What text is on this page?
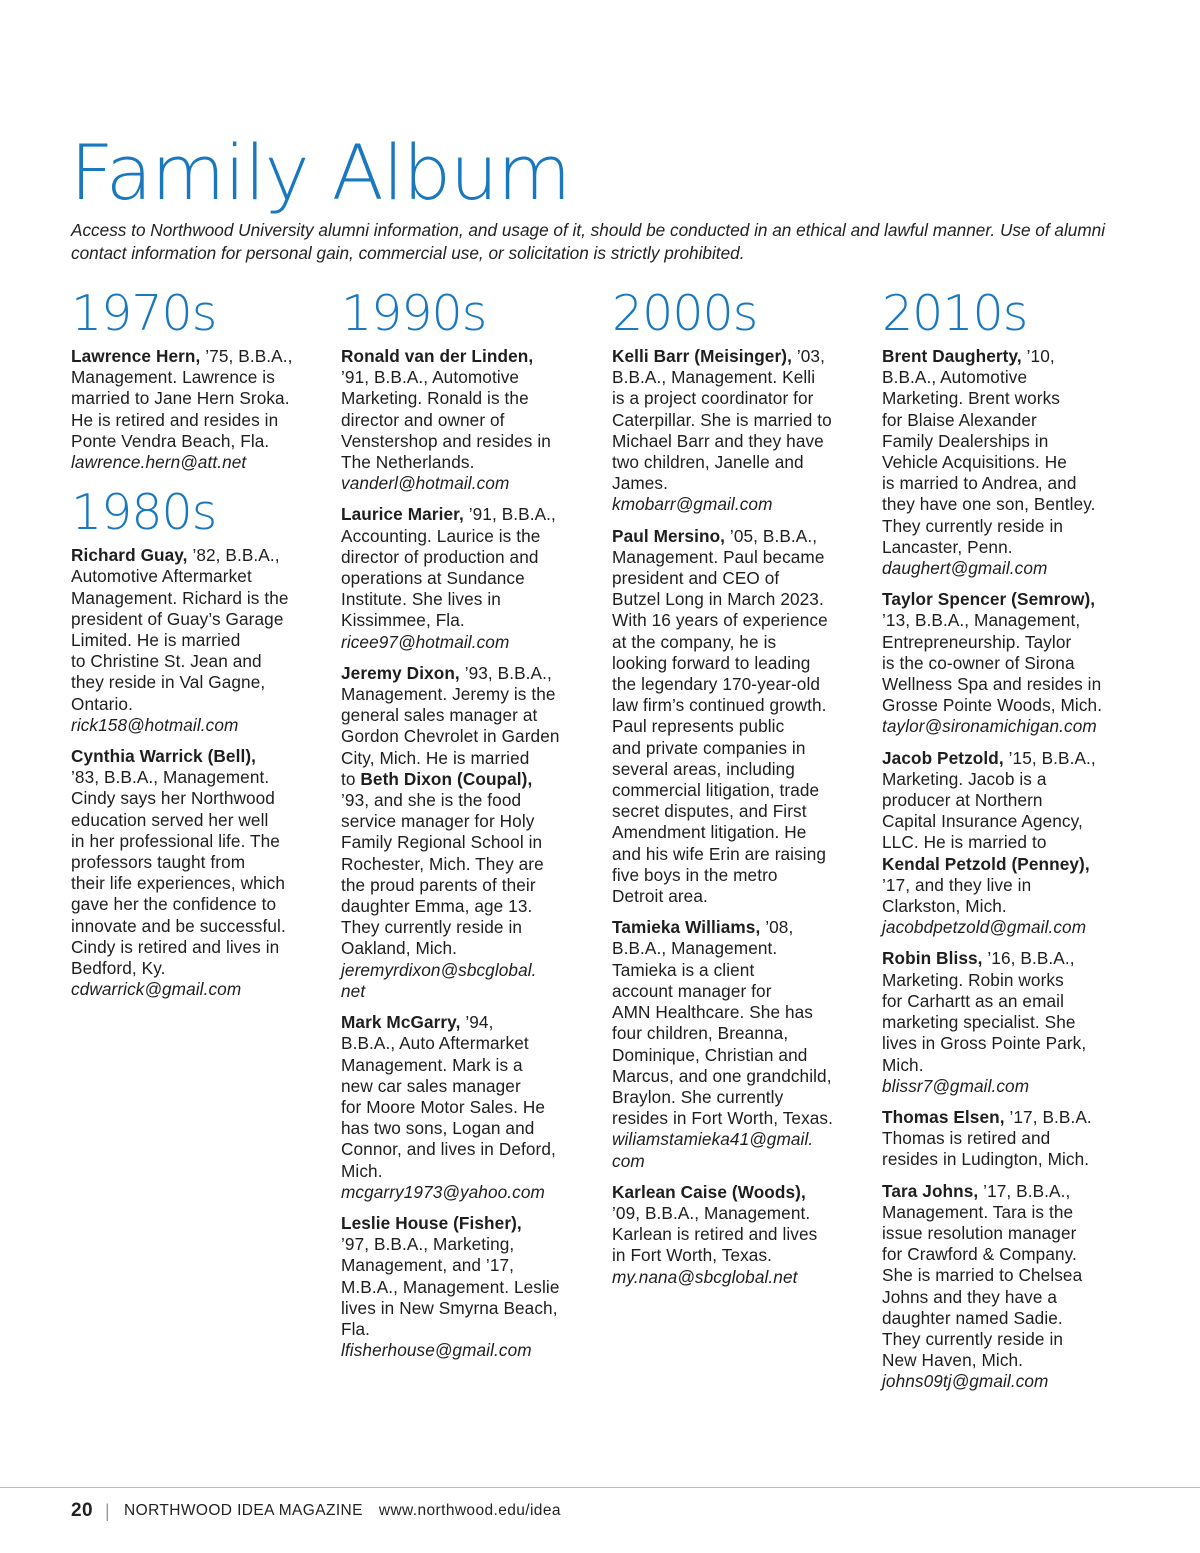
Family Album

Access to Northwood University alumni information, and usage of it, should be conducted in an ethical and lawful manner. Use of alumni contact information for personal gain, commercial use, or solicitation is strictly prohibited.

1970s

Lawrence Hern, ’75, B.B.A.,
Management. Lawrence is
married to Jane Hern Sroka.
He is retired and resides in
Ponte Vendra Beach, Fla.
lawrence.hern@att.net

1980s

Richard Guay, ’82, B.B.A.,
Automotive Aftermarket
Management. Richard is the
president of Guay’s Garage
Limited. He is married
to Christine St. Jean and
they reside in Val Gagne,
Ontario.
rick158@hotmail.com

Cynthia Warrick (Bell),
’83, B.B.A., Management.
Cindy says her Northwood
education served her well
in her professional life. The
professors taught from
their life experiences, which
gave her the confidence to
innovate and be successful.
Cindy is retired and lives in
Bedford, Ky.
cdwarrick@gmail.com

1990s

Ronald van der Linden,
’91, B.B.A., Automotive
Marketing. Ronald is the
director and owner of
Venstershop and resides in
The Netherlands.
vanderl@hotmail.com

Laurice Marier, ’91, B.B.A.,
Accounting. Laurice is the
director of production and
operations at Sundance
Institute. She lives in
Kissimmee, Fla.
ricee97@hotmail.com

Jeremy Dixon, ’93, B.B.A.,
Management. Jeremy is the
general sales manager at
Gordon Chevrolet in Garden
City, Mich. He is married
to Beth Dixon (Coupal),
’93, and she is the food
service manager for Holy
Family Regional School in
Rochester, Mich. They are
the proud parents of their
daughter Emma, age 13.
They currently reside in
Oakland, Mich.
jeremyrdixon@sbcglobal.
net

Mark McGarry, ’94,
B.B.A., Auto Aftermarket
Management. Mark is a
new car sales manager
for Moore Motor Sales. He
has two sons, Logan and
Connor, and lives in Deford,
Mich.
mcgarry1973@yahoo.com

Leslie House (Fisher),
’97, B.B.A., Marketing,
Management, and ’17,
M.B.A., Management. Leslie
lives in New Smyrna Beach,
Fla.
lfisherhouse@gmail.com

2000s

Kelli Barr (Meisinger), ’03,
B.B.A., Management. Kelli
is a project coordinator for
Caterpillar. She is married to
Michael Barr and they have
two children, Janelle and
James.
kmobarr@gmail.com

Paul Mersino, ’05, B.B.A.,
Management. Paul became
president and CEO of
Butzel Long in March 2023.
With 16 years of experience
at the company, he is
looking forward to leading
the legendary 170-year-old
law firm’s continued growth.
Paul represents public
and private companies in
several areas, including
commercial litigation, trade
secret disputes, and First
Amendment litigation. He
and his wife Erin are raising
five boys in the metro
Detroit area.

Tamieka Williams, ’08,
B.B.A., Management.
Tamieka is a client
account manager for
AMN Healthcare. She has
four children, Breanna,
Dominique, Christian and
Marcus, and one grandchild,
Braylon. She currently
resides in Fort Worth, Texas.
wiliamstamieka41@gmail.
com

Karlean Caise (Woods),
’09, B.B.A., Management.
Karlean is retired and lives
in Fort Worth, Texas.
my.nana@sbcglobal.net

2010s

Brent Daugherty, ’10,
B.B.A., Automotive
Marketing. Brent works
for Blaise Alexander
Family Dealerships in
Vehicle Acquisitions. He
is married to Andrea, and
they have one son, Bentley.
They currently reside in
Lancaster, Penn.
daughert@gmail.com

Taylor Spencer (Semrow),
’13, B.B.A., Management,
Entrepreneurship. Taylor
is the co-owner of Sirona
Wellness Spa and resides in
Grosse Pointe Woods, Mich.
taylor@sironamichigan.com

Jacob Petzold, ’15, B.B.A.,
Marketing. Jacob is a
producer at Northern
Capital Insurance Agency,
LLC. He is married to
Kendal Petzold (Penney),
’17, and they live in
Clarkston, Mich.
jacobdpetzold@gmail.com

Robin Bliss, ’16, B.B.A.,
Marketing. Robin works
for Carhartt as an email
marketing specialist. She
lives in Gross Pointe Park,
Mich.
blissr7@gmail.com

Thomas Elsen, ’17, B.B.A.
Thomas is retired and
resides in Ludington, Mich.

Tara Johns, ’17, B.B.A.,
Management. Tara is the
issue resolution manager
for Crawford & Company.
She is married to Chelsea
Johns and they have a
daughter named Sadie.
They currently reside in
New Haven, Mich.
johns09tj@gmail.com

20 | NORTHWOOD IDEA MAGAZINE www.northwood.edu/idea
